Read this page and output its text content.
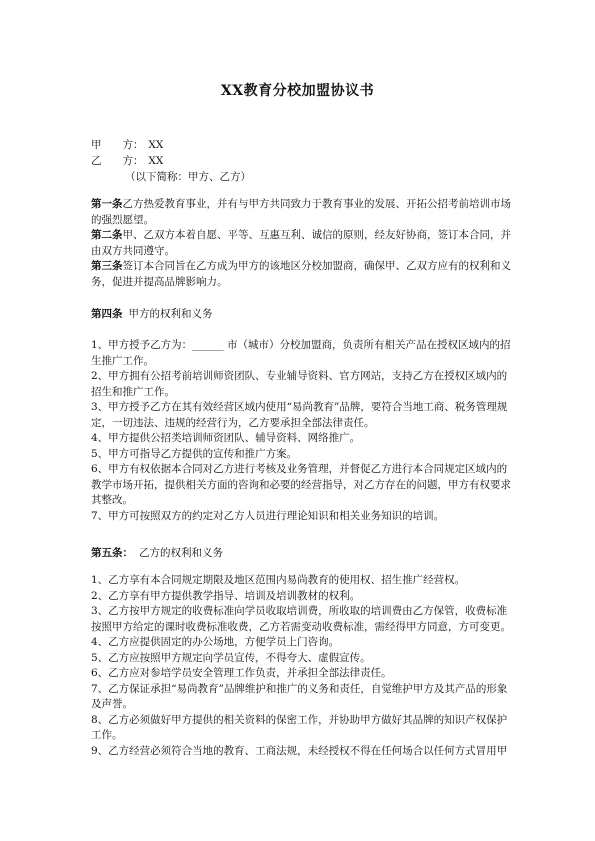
XX教育分校加盟协议书
甲　　方： XX
乙　　方： XX
（以下简称：甲方、乙方）

第一条乙方热爱教育事业，并有与甲方共同致力于教育事业的发展、开拓公招考前培训市场的强烈愿望。

第二条甲、乙双方本着自愿、平等、互惠互利、诚信的原则，经友好协商，签订本合同，并由双方共同遵守。

第三条签订本合同旨在乙方成为甲方的该地区分校加盟商，确保甲、乙双方应有的权利和义务，促进并提高品牌影响力。

第四条 甲方的权利和义务

1、甲方授予乙方为：______ 市（城市）分校加盟商，负责所有相关产品在授权区域内的招生推广工作。

2、甲方拥有公招考前培训师资团队、专业辅导资料、官方网站，支持乙方在授权区域内的招生和推广工作。

3、甲方授予乙方在其有效经营区域内使用“易尚教育”品牌，要符合当地工商、税务管理规定，一切违法、违规的经营行为，乙方要承担全部法律责任。

4、甲方提供公招类培训师资团队、辅导资料、网络推广。

5、甲方可指导乙方提供的宣传和推广方案。

6、甲方有权依据本合同对乙方进行考核及业务管理，并督促乙方进行本合同规定区域内的教学市场开拓，提供相关方面的咨询和必要的经营指导，对乙方存在的问题，甲方有权要求其整改。

7、甲方可按照双方的约定对乙方人员进行理论知识和相关业务知识的培训。

第五条： 乙方的权利和义务

1、乙方享有本合同规定期限及地区范围内易尚教育的使用权、招生推广经营权。

2、乙方享有甲方提供教学指导、培训及培训教材的权利。

3、乙方按甲方规定的收费标准向学员收取培训费，所收取的培训费由乙方保管，收费标准按照甲方给定的课时收费标准收费，乙方若需变动收费标准，需经得甲方同意，方可变更。

4、乙方应提供固定的办公场地，方便学员上门咨询。

5、乙方应按照甲方规定向学员宣传，不得夸大、虚假宣传。

6、乙方应对参培学员安全管理工作负责，并承担全部法律责任。

7、乙方保证承担“易尚教育”品牌维护和推广的义务和责任，自觉维护甲方及其产品的形象及声誉。

8、乙方必须做好甲方提供的相关资料的保密工作，并协助甲方做好其品牌的知识产权保护工作。

9、乙方经营必须符合当地的教育、工商法规，未经授权不得在任何场合以任何方式冒用甲
